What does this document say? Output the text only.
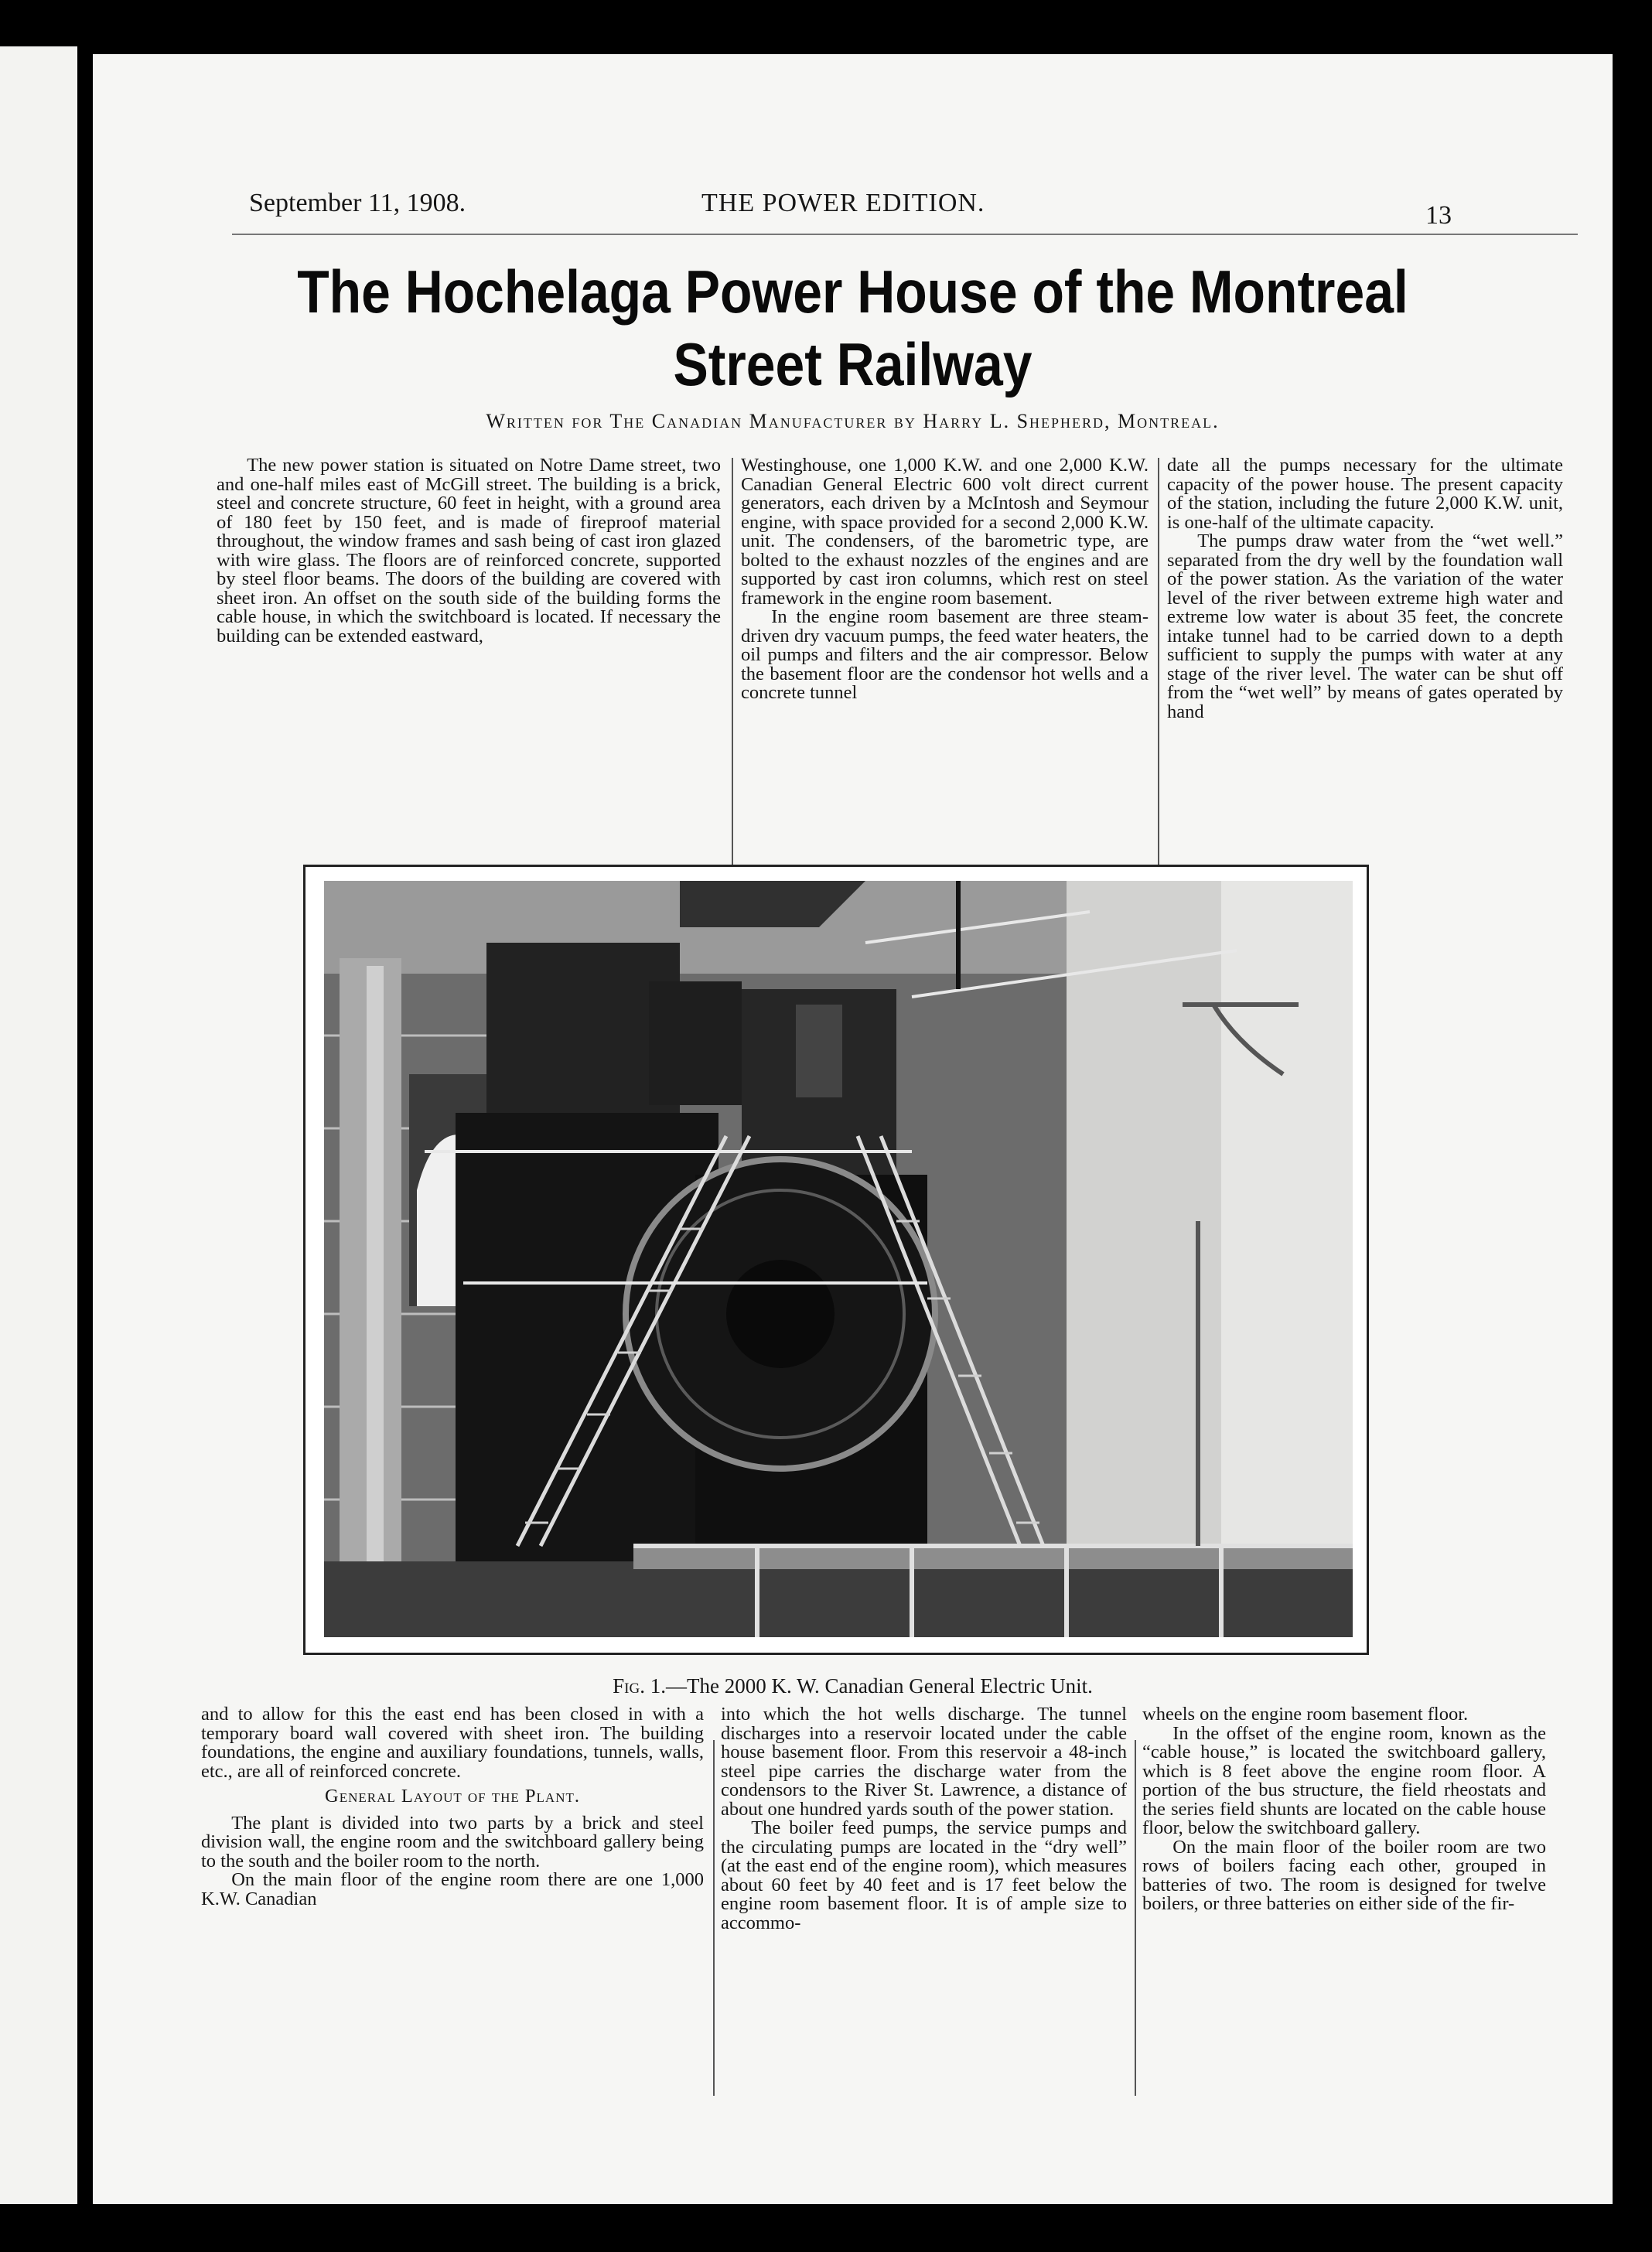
September 11, 1908.	THE POWER EDITION.	13
The Hochelaga Power House of the Montreal
Street Railway
Written for The Canadian Manufacturer by Harry L. Shepherd, Montreal.

The new power station is situated on Notre Dame street, two and one-half miles east of McGill street. The building is a brick, steel and concrete structure, 60 feet in height, with a ground area of 180 feet by 150 feet, and is made of fireproof material throughout, the window frames and sash being of cast iron glazed with wire glass. The floors are of reinforced concrete, supported by steel floor beams. The doors of the building are covered with sheet iron. An offset on the south side of the building forms the cable house, in which the switchboard is located. If necessary the building can be extended eastward,

Westinghouse, one 1,000 K.W. and one 2,000 K.W. Canadian General Electric 600 volt direct current generators, each driven by a McIntosh and Seymour engine, with space provided for a second 2,000 K.W. unit. The condensers, of the barometric type, are bolted to the exhaust nozzles of the engines and are supported by cast iron columns, which rest on steel framework in the engine room basement.

In the engine room basement are three steam-driven dry vacuum pumps, the feed water heaters, the oil pumps and filters and the air compressor. Below the basement floor are the condensor hot wells and a concrete tunnel

date all the pumps necessary for the ultimate capacity of the power house. The present capacity of the station, including the future 2,000 K.W. unit, is one-half of the ultimate capacity.

The pumps draw water from the “wet well.” separated from the dry well by the foundation wall of the power station. As the variation of the water level of the river between extreme high water and extreme low water is about 35 feet, the concrete intake tunnel had to be carried down to a depth sufficient to supply the pumps with water at any stage of the river level. The water can be shut off from the “wet well” by means of gates operated by hand

Fig. 1.—The 2000 K. W. Canadian General Electric Unit.

and to allow for this the east end has been closed in with a temporary board wall covered with sheet iron. The building foundations, the engine and auxiliary foundations, tunnels, walls, etc., are all of reinforced concrete.

General Layout of the Plant.

The plant is divided into two parts by a brick and steel division wall, the engine room and the switchboard gallery being to the south and the boiler room to the north.

On the main floor of the engine room there are one 1,000 K.W. Canadian

into which the hot wells discharge. The tunnel discharges into a reservoir located under the cable house basement floor. From this reservoir a 48-inch steel pipe carries the discharge water from the condensors to the River St. Lawrence, a distance of about one hundred yards south of the power station.

The boiler feed pumps, the service pumps and the circulating pumps are located in the “dry well” (at the east end of the engine room), which measures about 60 feet by 40 feet and is 17 feet below the engine room basement floor. It is of ample size to accommo-

wheels on the engine room basement floor.

In the offset of the engine room, known as the “cable house,” is located the switchboard gallery, which is 8 feet above the engine room floor. A portion of the bus structure, the field rheostats and the series field shunts are located on the cable house floor, below the switchboard gallery.

On the main floor of the boiler room are two rows of boilers facing each other, grouped in batteries of two. The room is designed for twelve boilers, or three batteries on either side of the fir-
